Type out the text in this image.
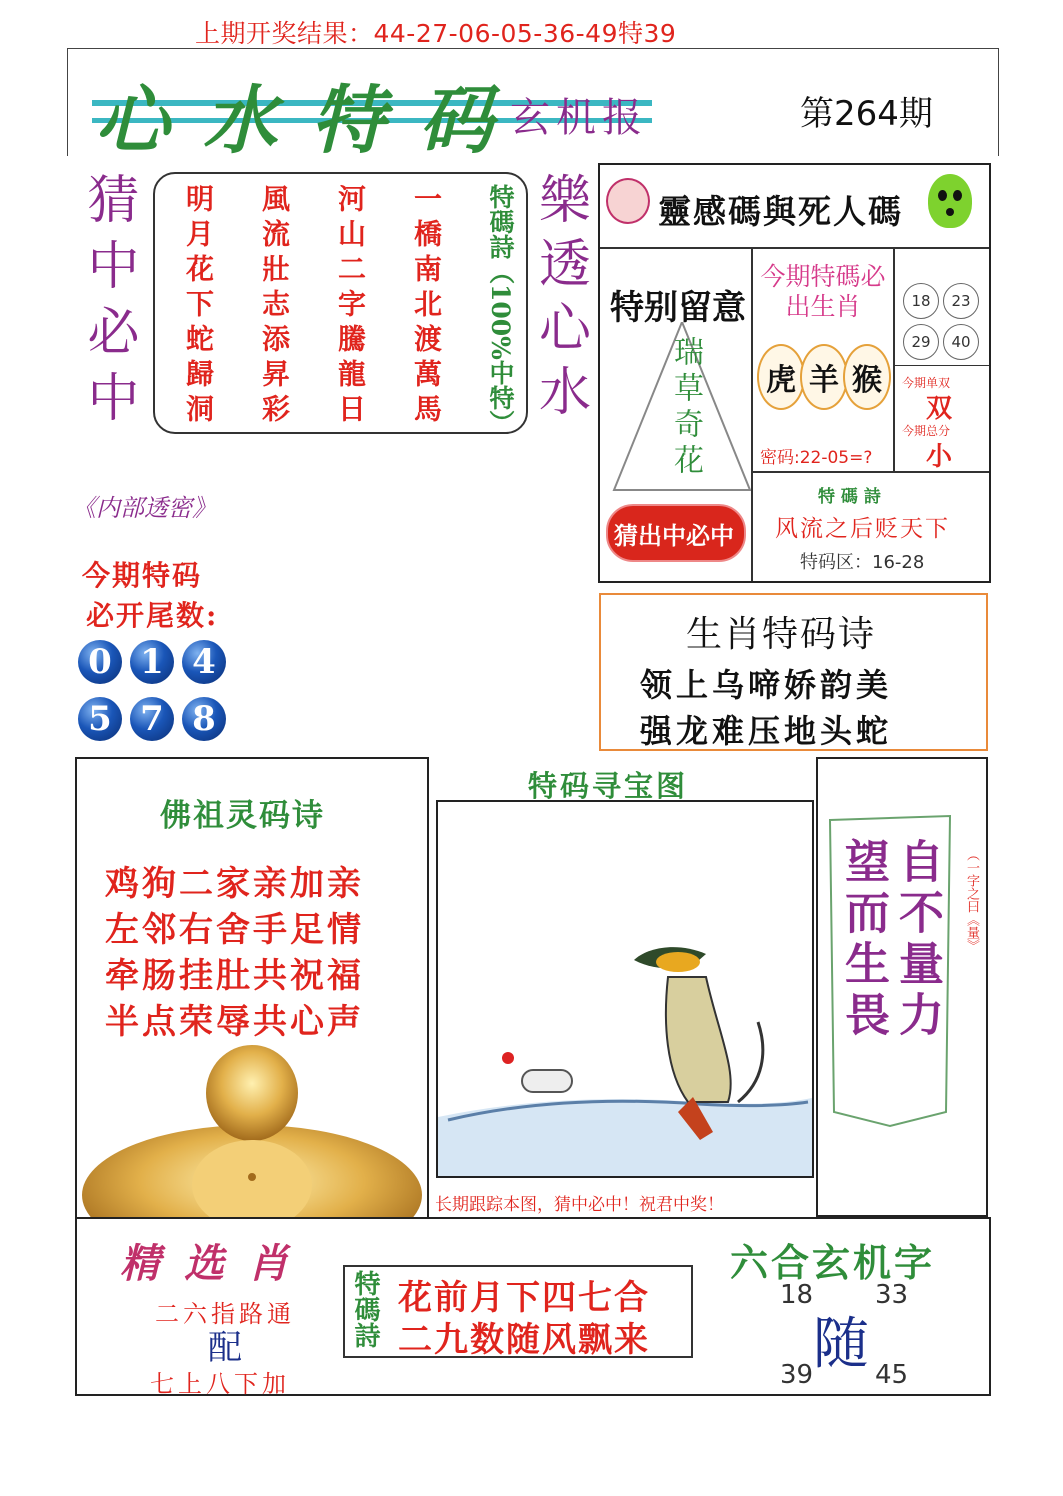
上期开奖结果：44-27-06-05-36-49特39
心水特码
玄机报	第264期
猜中必中 明月花下蛇歸洞 風流壯志添昇彩 河山二字騰龍日 一橋南北渡萬馬 特碼詩（100%中特） 樂透心水 靈感碼與死人碼
特别留意
瑞草奇花
猜出中必中
今期特碼必出生肖
虎 羊 猴
密码:22-05=?
18	23
29	40
今期单双
双
今期总分
小
特 碼 詩
风流之后贬天下
特码区：16-28
《内部透密》
今期特码
必开尾数:
0 1 4
5 7 8
生肖特码诗
领上乌啼娇韵美
强龙难压地头蛇
佛祖灵码诗
鸡狗二家亲加亲
左邻右舍手足情
牵肠挂肚共祝福
半点荣辱共心声
特码寻宝图
长期跟踪本图，猜中必中！祝君中奖！
自不量力
望而生畏	（一字之曰《量》
精选肖
二六指路通
配
七上八下加
特碼詩 花前月下四七合
二九数随风飘来
六合玄机字
18 33
随
39 45
